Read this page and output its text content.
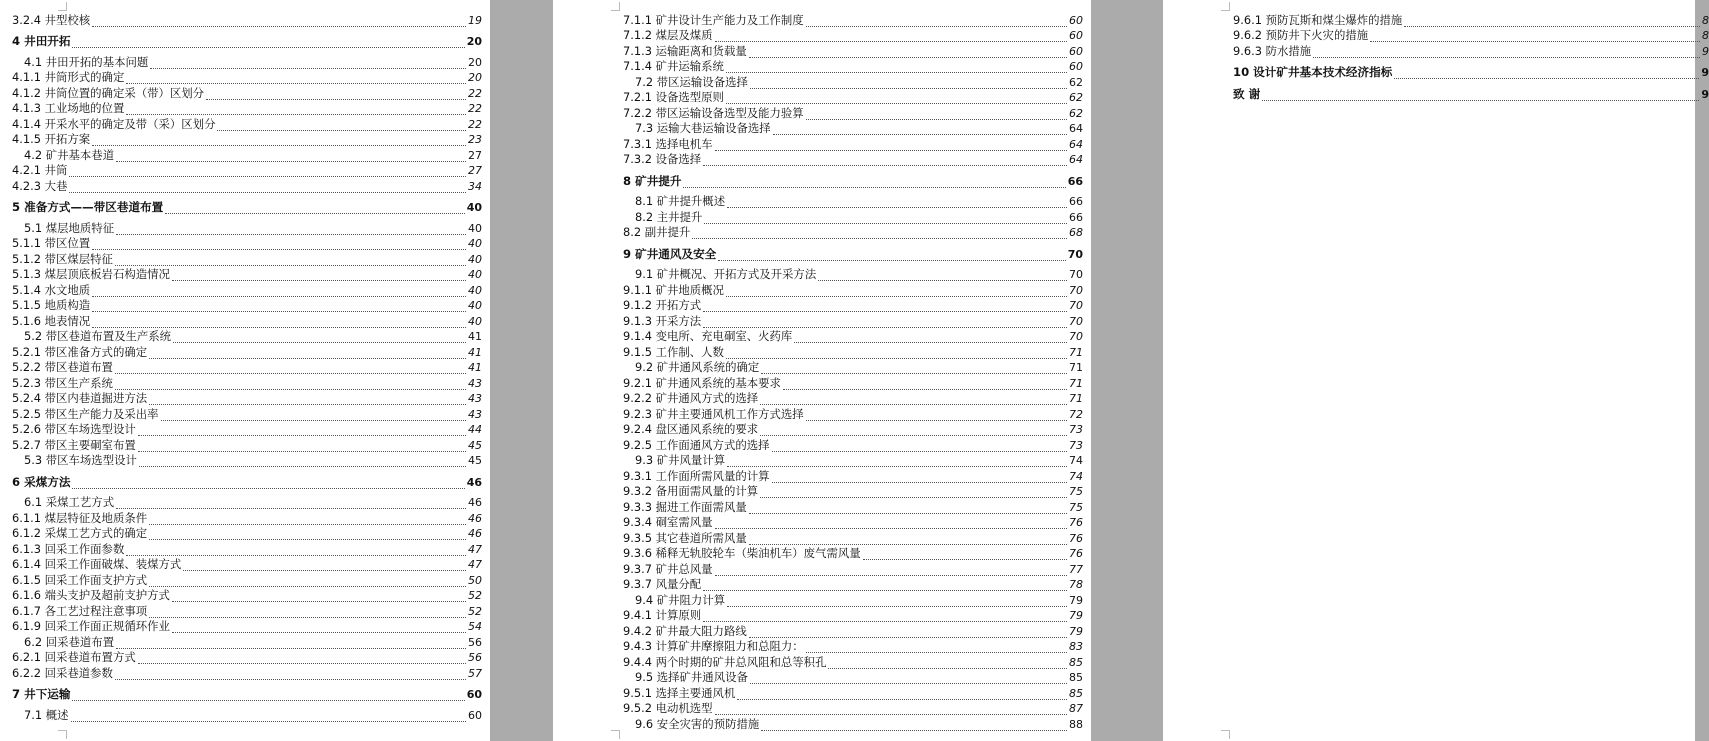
3.2.4 井型校核	19
4 井田开拓	20
4.1 井田开拓的基本问题	20
4.1.1 井筒形式的确定	20
4.1.2 井筒位置的确定采（带）区划分	22
4.1.3 工业场地的位置	22
4.1.4 开采水平的确定及带（采）区划分	22
4.1.5 开拓方案	23
4.2 矿井基本巷道	27
4.2.1 井筒	27
4.2.3 大巷	34
5 准备方式——带区巷道布置	40
5.1 煤层地质特征	40
5.1.1 带区位置	40
5.1.2 带区煤层特征	40
5.1.3 煤层顶底板岩石构造情况	40
5.1.4 水文地质	40
5.1.5 地质构造	40
5.1.6 地表情况	40
5.2 带区巷道布置及生产系统	41
5.2.1 带区准备方式的确定	41
5.2.2 带区巷道布置	41
5.2.3 带区生产系统	43
5.2.4 带区内巷道掘进方法	43
5.2.5 带区生产能力及采出率	43
5.2.6 带区车场选型设计	44
5.2.7 带区主要硐室布置	45
5.3 带区车场选型设计	45
6 采煤方法	46
6.1 采煤工艺方式	46
6.1.1 煤层特征及地质条件	46
6.1.2 采煤工艺方式的确定	46
6.1.3 回采工作面参数	47
6.1.4 回采工作面破煤、装煤方式	47
6.1.5 回采工作面支护方式	50
6.1.6 端头支护及超前支护方式	52
6.1.7 各工艺过程注意事项	52
6.1.9 回采工作面正规循环作业	54
6.2 回采巷道布置	56
6.2.1 回采巷道布置方式	56
6.2.2 回采巷道参数	57
7 井下运输	60
7.1 概述	60
7.1.1 矿井设计生产能力及工作制度	60
7.1.2 煤层及煤质	60
7.1.3 运输距离和货载量	60
7.1.4 矿井运输系统	60
7.2 带区运输设备选择	62
7.2.1 设备选型原则	62
7.2.2 带区运输设备选型及能力验算	62
7.3 运输大巷运输设备选择	64
7.3.1 选择电机车	64
7.3.2 设备选择	64
8 矿井提升	66
8.1 矿井提升概述	66
8.2 主井提升	66
8.2 副井提升	68
9 矿井通风及安全	70
9.1 矿井概况、开拓方式及开采方法	70
9.1.1 矿井地质概况	70
9.1.2 开拓方式	70
9.1.3 开采方法	70
9.1.4 变电所、充电硐室、火药库	70
9.1.5 工作制、人数	71
9.2 矿井通风系统的确定	71
9.2.1 矿井通风系统的基本要求	71
9.2.2 矿井通风方式的选择	71
9.2.3 矿井主要通风机工作方式选择	72
9.2.4 盘区通风系统的要求	73
9.2.5 工作面通风方式的选择	73
9.3 矿井风量计算	74
9.3.1 工作面所需风量的计算	74
9.3.2 备用面需风量的计算	75
9.3.3 掘进工作面需风量	75
9.3.4 硐室需风量	76
9.3.5 其它巷道所需风量	76
9.3.6 稀释无轨胶轮车（柴油机车）废气需风量	76
9.3.7 矿井总风量	77
9.3.7 风量分配	78
9.4 矿井阻力计算	79
9.4.1 计算原则	79
9.4.2 矿井最大阻力路线	79
9.4.3 计算矿井摩擦阻力和总阻力：	83
9.4.4 两个时期的矿井总风阻和总等积孔	85
9.5 选择矿井通风设备	85
9.5.1 选择主要通风机	85
9.5.2 电动机选型	87
9.6 安全灾害的预防措施	88
9.6.1 预防瓦斯和煤尘爆炸的措施	8
9.6.2 预防井下火灾的措施	8
9.6.3 防水措施	9
10 设计矿井基本技术经济指标	9
致 谢	9
